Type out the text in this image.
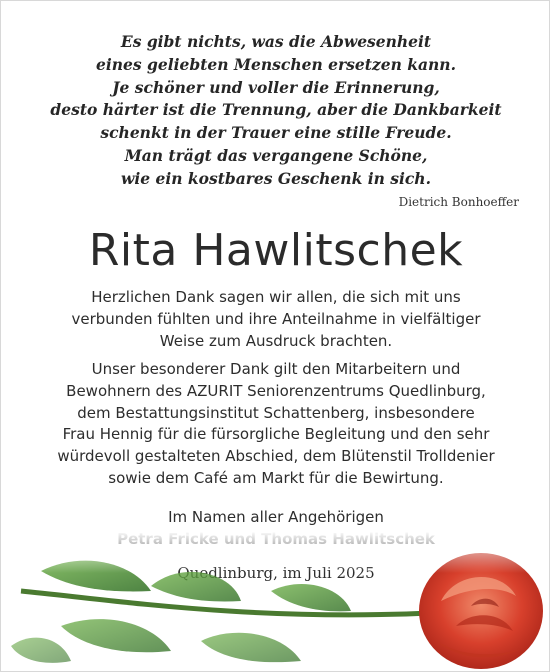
Es gibt nichts, was die Abwesenheit
eines geliebten Menschen ersetzen kann.
Je schöner und voller die Erinnerung,
desto härter ist die Trennung, aber die Dankbarkeit
schenkt in der Trauer eine stille Freude.
Man trägt das vergangene Schöne,
wie ein kostbares Geschenk in sich.
Dietrich Bonhoeffer
Rita Hawlitschek
Herzlichen Dank sagen wir allen, die sich mit uns
verbunden fühlten und ihre Anteilnahme in vielfältiger
Weise zum Ausdruck brachten.
Unser besonderer Dank gilt den Mitarbeitern und
Bewohnern des AZURIT Seniorenzentrums Quedlinburg,
dem Bestattungsinstitut Schattenberg, insbesondere
Frau Hennig für die fürsorgliche Begleitung und den sehr
würdevoll gestalteten Abschied, dem Blütenstil Trolldenier
sowie dem Café am Markt für die Bewirtung.
Im Namen aller Angehörigen
